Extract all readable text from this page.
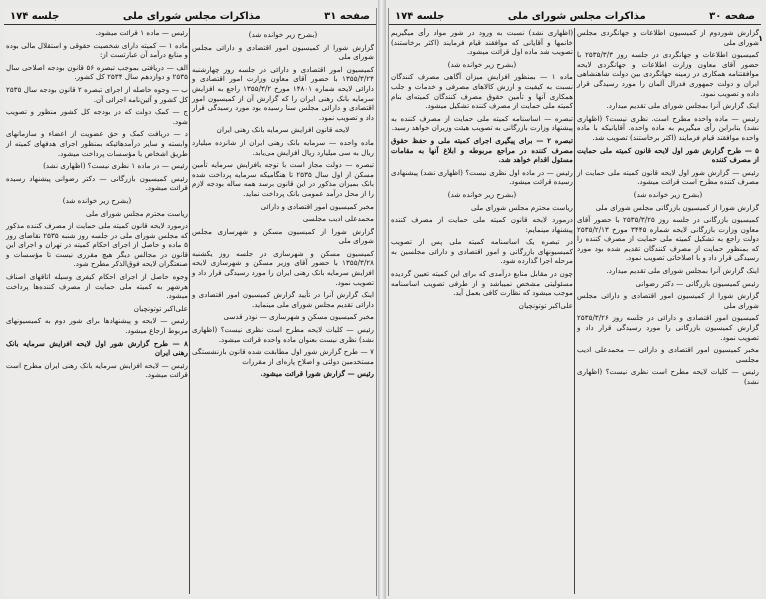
صفحه ۳۱
مذاکرات مجلس شورای ملی
جلسه ۱۷۴
(بشرح زیر خوانده شد)

گزارش شورا از کمیسیون امور اقتصادی و دارائی مجلس شورای ملی

کمیسیون امور اقتصادی و دارائی در جلسه روز چهارشنبه ۱۳۵۵/۳/۲۴ با حضور آقای معاون وزارت امور اقتصادی و دارائی لایحه شماره ۱۴۸۰۱ مورخ ۱۳۵۵/۳/۲ راجع به افزایش سرمایه بانک رهنی ایران را که گزارش آن از کمیسیون امور اقتصادی و دارائی مجلس سنا رسیده بود مورد رسیدگی قرار داد و تصویب نمود.

لایحه قانون افزایش سرمایه بانک رهنی ایران

ماده واحده — سرمایه بانک رهنی ایران از شانزده میلیارد ریال به سی میلیارد ریال افزایش می‌یابد.

تبصره — دولت مجاز است با توجه بافزایش سرمایه تأمین مسکن از اول سال ۲۵۳۵ تا هنگامیکه سرمایه پرداخت شده بانک بمیزان مذکور در این قانون برسد همه ساله بودجه لازم را از محل درآمد عمومی بانک پرداخت نماید.

مخبر کمیسیون امور اقتصادی و دارائی

محمدعلی ادیب مجلسی

گزارش شورا از کمیسیون مسکن و شهرسازی مجلس شورای ملی

کمیسیون مسکن و شهرسازی در جلسه روز یکشنبه ۱۳۵۵/۳/۲۸ با حضور آقای وزیر مسکن و شهرسازی لایحه افزایش سرمایه بانک رهنی ایران را مورد رسیدگی قرار داد و تصویب نمود.

اینک گزارش آنرا در تأیید گزارش کمیسیون امور اقتصادی و دارائی تقدیم مجلس شورای ملی مینماید.

مخبر کمیسیون مسکن و شهرسازی — نوذر قدسی

رئیس — کلیات لایحه مطرح است نظری نیست؟ (اظهاری نشد) نظری نیست بعنوان ماده واحده قرائت میشود.

۷ — طرح گزارش شور اول مطابقت شده قانون بازنشستگی مستخدمین دولتی و اصلاح پاره‌ای از مقررات

رئیس — گزارش شورا قرائت میشود.

رئیس — ماده ۱ قرائت میشود.

ماده ۱ — کمیته دارای شخصیت حقوقی و استقلال مالی بوده و منابع درآمد آن عبارتست از:

الف — دریافتی بموجب تبصره ۵۶ قانون بودجه اصلاحی سال ۲۵۳۵ و دوازدهم سال ۲۵۳۴ کل کشور.

ب — وجوه حاصله از اجرای تبصره ۲ قانون بودجه سال ۲۵۳۵ کل کشور و آئین‌نامه اجرائی آن.

ج — کمک دولت که در بودجه کل کشور منظور و تصویب شود.

د — دریافت کمک و حق عضویت از اعضاء و سازمانهای وابسته و سایر درآمدهائیکه بمنظور اجرای هدفهای کمیته از طریق اشخاص یا مؤسسات پرداخت میشود.

رئیس — در ماده ۱ نظری نیست؟ (اظهاری نشد)

رئیس کمیسیون بازرگانی — دکتر رضوانی پیشنهاد رسیده قرائت میشود.

(بشرح زیر خوانده شد)

ریاست محترم مجلس شورای ملی

درمورد لایحه قانون کمیته ملی حمایت از مصرف کننده مذکور که مجلس شورای ملی در جلسه روز شنبه ۲۵۳۵ نقاضای روز ۵ ماده و حاصل از اجرای احکام کمیته در تهران و اجرای این قانون در مجالس دیگر هیچ مقرری نیست تا مؤسسات و صنعتگران لایحه فوق‌الذکر مطرح شود.

وجوه حاصل از اجرای احکام کیفری وسیله اتاقهای اصناف هرشهر به کمیته ملی حمایت از مصرف کننده‌ها پرداخت میشود.

علی‌اکبر توتونچیان

رئیس — لایحه و پیشنهادها برای شور دوم به کمیسیونهای مربوط ارجاع میشود.

۸ — طرح گزارش شور اول لایحه افزایش سرمایه بانک رهنی ایران

رئیس — لایحه افزایش سرمایه بانک رهنی ایران مطرح است قرائت میشود.

صفحه ۳۰
مذاکرات مجلس شورای ملی
جلسه ۱۷۴
۱

گزارش شوردوم از کمیسیون اطلاعات و جهانگردی مجلس شورای ملی

کمیسیون اطلاعات و جهانگردی در جلسه روز ۲۵۳۵/۳/۳ با حضور آقای معاون وزارت اطلاعات و جهانگردی لایحه موافقتنامه همکاری در زمینه جهانگردی بین دولت شاهنشاهی ایران و دولت جمهوری فدرال آلمان را مورد رسیدگی قرار داده و تصویب نمود.

اینک گزارش آنرا بمجلس شورای ملی تقدیم میدارد.

رئیس — ماده واحده مطرح است. نظری نیست؟ (اظهاری نشد) بنابراین رأی میگیریم به ماده واحده. آقایانیکه با ماده واحده موافقند قیام فرمایند (اکثر برخاستند) تصویب شد.

۵ — طرح گزارش شور اول لایحه قانون کمیته ملی حمایت از مصرف کننده

رئیس — گزارش شور اول لایحه قانون کمیته ملی حمایت از مصرف کننده مطرح است قرائت میشود.

(بشرح زیر خوانده شد)

گزارش شورا از کمیسیون بازرگانی مجلس شورای ملی

کمیسیون بازرگانی در جلسه روز ۲۵۳۵/۳/۲۵ با حضور آقای معاون وزارت بازرگانی لایحه شماره ۳۴۴۵ مورخ ۲۵۳۵/۲/۱۳ دولت راجع به تشکیل کمیته ملی حمایت از مصرف کننده را که بمنظور حمایت از مصرف کنندگان تقدیم شده بود مورد رسیدگی قرار داد و با اصلاحاتی تصویب نمود.

اینک گزارش آنرا بمجلس شورای ملی تقدیم میدارد.

رئیس کمیسیون بازرگانی — دکتر رضوانی

گزارش شورا از کمیسیون امور اقتصادی و دارائی مجلس شورای ملی

کمیسیون امور اقتصادی و دارائی در جلسه روز ۲۵۳۵/۳/۲۶ گزارش کمیسیون بازرگانی را مورد رسیدگی قرار داد و تصویب نمود.

مخبر کمیسیون امور اقتصادی و دارائی — محمدعلی ادیب مجلسی

رئیس — کلیات لایحه مطرح است نظری نیست؟ (اظهاری نشد)

(اظهاری نشد) نسبت به ورود در شور مواد رأی میگیریم خانمها و آقایانی که موافقند قیام فرمایند (اکثر برخاستند) تصویب شد ماده اول قرائت میشود.

(بشرح زیر خوانده شد)

ماده ۱ — بمنظور افزایش میزان آگاهی مصرف کنندگان نسبت به کیفیت و ارزش کالاهای مصرفی و خدمات و جلب همکاری آنها و تأمین حقوق مصرف کنندگان کمیته‌ای بنام کمیته ملی حمایت از مصرف کننده تشکیل میشود.

تبصره — اساسنامه کمیته ملی حمایت از مصرف کننده به پیشنهاد وزارت بازرگانی به تصویب هیئت وزیران خواهد رسید.

تبصره ۲ — برای پیگیری اجرای کمیته ملی و حفظ حقوق مصرف کننده در مراجع مربوطه و ابلاغ آنها به مقامات مسئول اقدام خواهد شد.

رئیس — در ماده اول نظری نیست؟ (اظهاری نشد) پیشنهادی رسیده قرائت میشود.

(بشرح زیر خوانده شد)

ریاست محترم مجلس شورای ملی

درمورد لایحه قانون کمیته ملی حمایت از مصرف کننده پیشنهاد مینمایم:

در تبصره یک اساسنامه کمیته ملی پس از تصویب کمیسیونهای بازرگانی و امور اقتصادی و دارائی مجلسین به مرحله اجرا گذارده شود.

چون در مقابل منابع درآمدی که برای این کمیته تعیین گردیده مسئولیتی مشخص نمیباشد و از طرفی تصویب اساسنامه موجب میشود که نظارت کافی بعمل آید.

علی‌اکبر توتونچیان
